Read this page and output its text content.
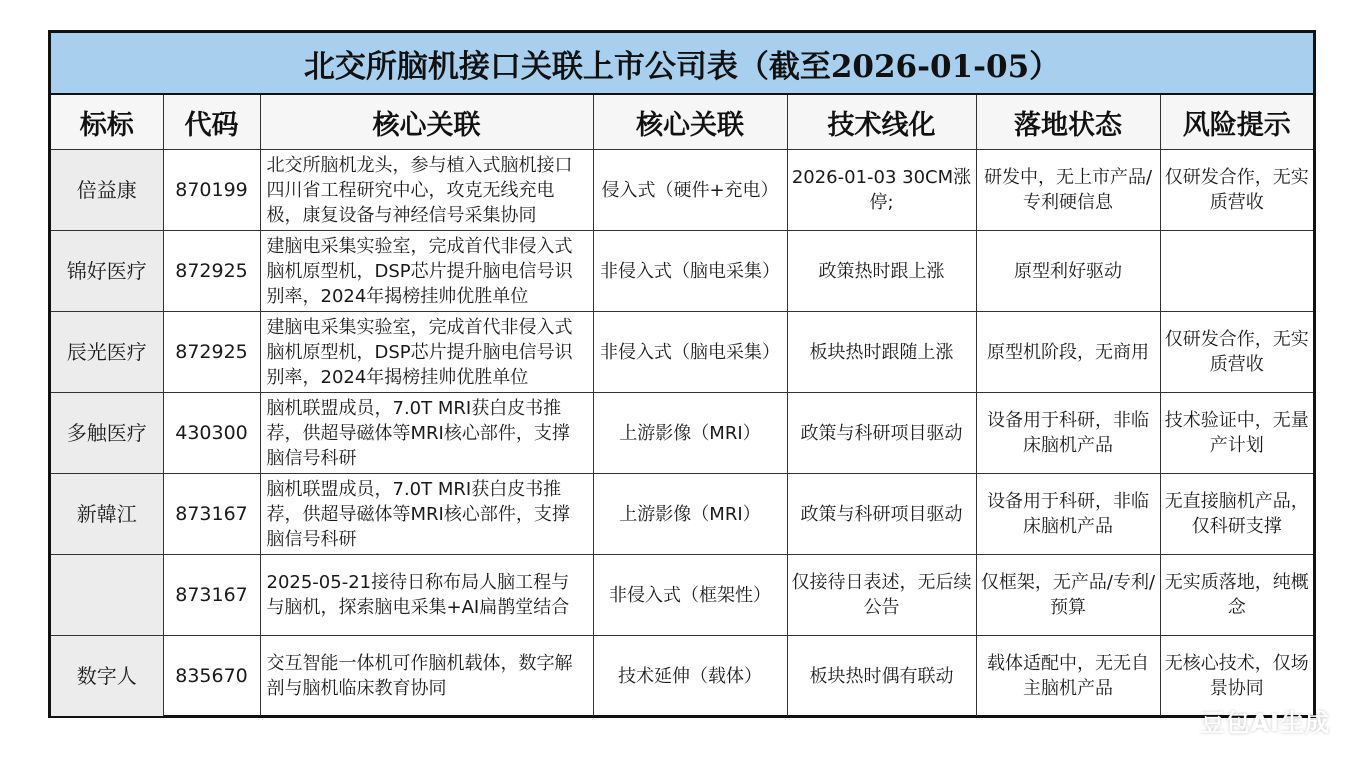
北交所脑机接口关联上市公司表（截至2026-01-05）
标标	代码	核心关联	核心关联	技术线化	落地状态	风险提示
倍益康	870199	北交所脑机龙头，参与植入式脑机接口四川省工程研究中心，攻克无线充电极，康复设备与神经信号采集协同	侵入式（硬件+充电）	2026-01-03 30CM涨停;	研发中，无上市产品/专利硬信息	仅研发合作，无实质营收
锦好医疗	872925	建脑电采集实验室，完成首代非侵入式脑机原型机，DSP芯片提升脑电信号识别率，2024年揭榜挂帅优胜单位	非侵入式（脑电采集）	政策热时跟上涨	原型利好驱动	
辰光医疗	872925	建脑电采集实验室，完成首代非侵入式脑机原型机，DSP芯片提升脑电信号识别率，2024年揭榜挂帅优胜单位	非侵入式（脑电采集）	板块热时跟随上涨	原型机阶段，无商用	仅研发合作，无实质营收
多触医疗	430300	脑机联盟成员，7.0T MRI获白皮书推荐，供超导磁体等MRI核心部件，支撑脑信号科研	上游影像（MRI）	政策与科研项目驱动	设备用于科研，非临床脑机产品	技术验证中，无量产计划
新韓江	873167	脑机联盟成员，7.0T MRI获白皮书推荐，供超导磁体等MRI核心部件，支撑脑信号科研	上游影像（MRI）	政策与科研项目驱动	设备用于科研，非临床脑机产品	无直接脑机产品，仅科研支撑
	873167	2025-05-21接待日称布局人脑工程与与脑机，探索脑电采集+AI扁鹊堂结合	非侵入式（框架性）	仅接待日表述，无后续公告	仅框架，无产品/专利/预算	无实质落地，纯概念
数字人	835670	交互智能一体机可作脑机载体，数字解剖与脑机临床教育协同	技术延伸（载体）	板块热时偶有联动	载体适配中，无无自主脑机产品	无核心技术，仅场景协同
豆包AI生成
